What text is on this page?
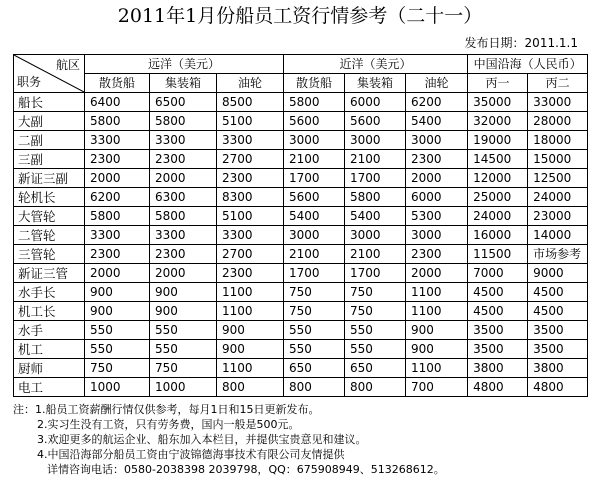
2011年1月份船员工资行情参考（二十一）
发布日期：2011.1.1
航区
职务	远洋（美元）			近洋（美元）			中国沿海（人民币）	
	散货船	集装箱	油轮	散货船	集装箱	油轮	丙一	丙二
船长	6400	6500	8500	5800	6000	6200	35000	33000
大副	5800	5800	5100	5600	5600	5400	32000	28000
二副	3300	3300	3300	3000	3000	3000	19000	18000
三副	2300	2300	2700	2100	2100	2300	14500	15000
新证三副	2000	2000	2300	1700	1700	2000	12000	12500
轮机长	6200	6300	8300	5600	5800	6000	25000	24000
大管轮	5800	5800	5100	5400	5400	5300	24000	23000
二管轮	3300	3300	3300	3000	3000	3000	16000	14000
三管轮	2300	2300	2700	2100	2100	2300	11500	市场参考
新证三管	2000	2000	2300	1700	1700	2000	7000	9000
水手长	900	900	1100	750	750	1100	4500	4500
机工长	900	900	1100	750	750	1100	4500	4500
水手	550	550	900	550	550	900	3500	3500
机工	550	550	900	550	550	900	3500	3500
厨师	750	750	1100	650	650	1100	3800	3800
电工	1000	1000	800	800	800	700	4800	4800
注：1.船员工资薪酬行情仅供参考，每月1日和15日更新发布。
2.实习生没有工资，只有劳务费，国内一般是500元。
3.欢迎更多的航运企业、船东加入本栏目，并提供宝贵意见和建议。
4.中国沿海部分船员工资由宁波锦德海事技术有限公司友情提供
详情咨询电话：0580-2038398 2039798，QQ：675908949、513268612。
